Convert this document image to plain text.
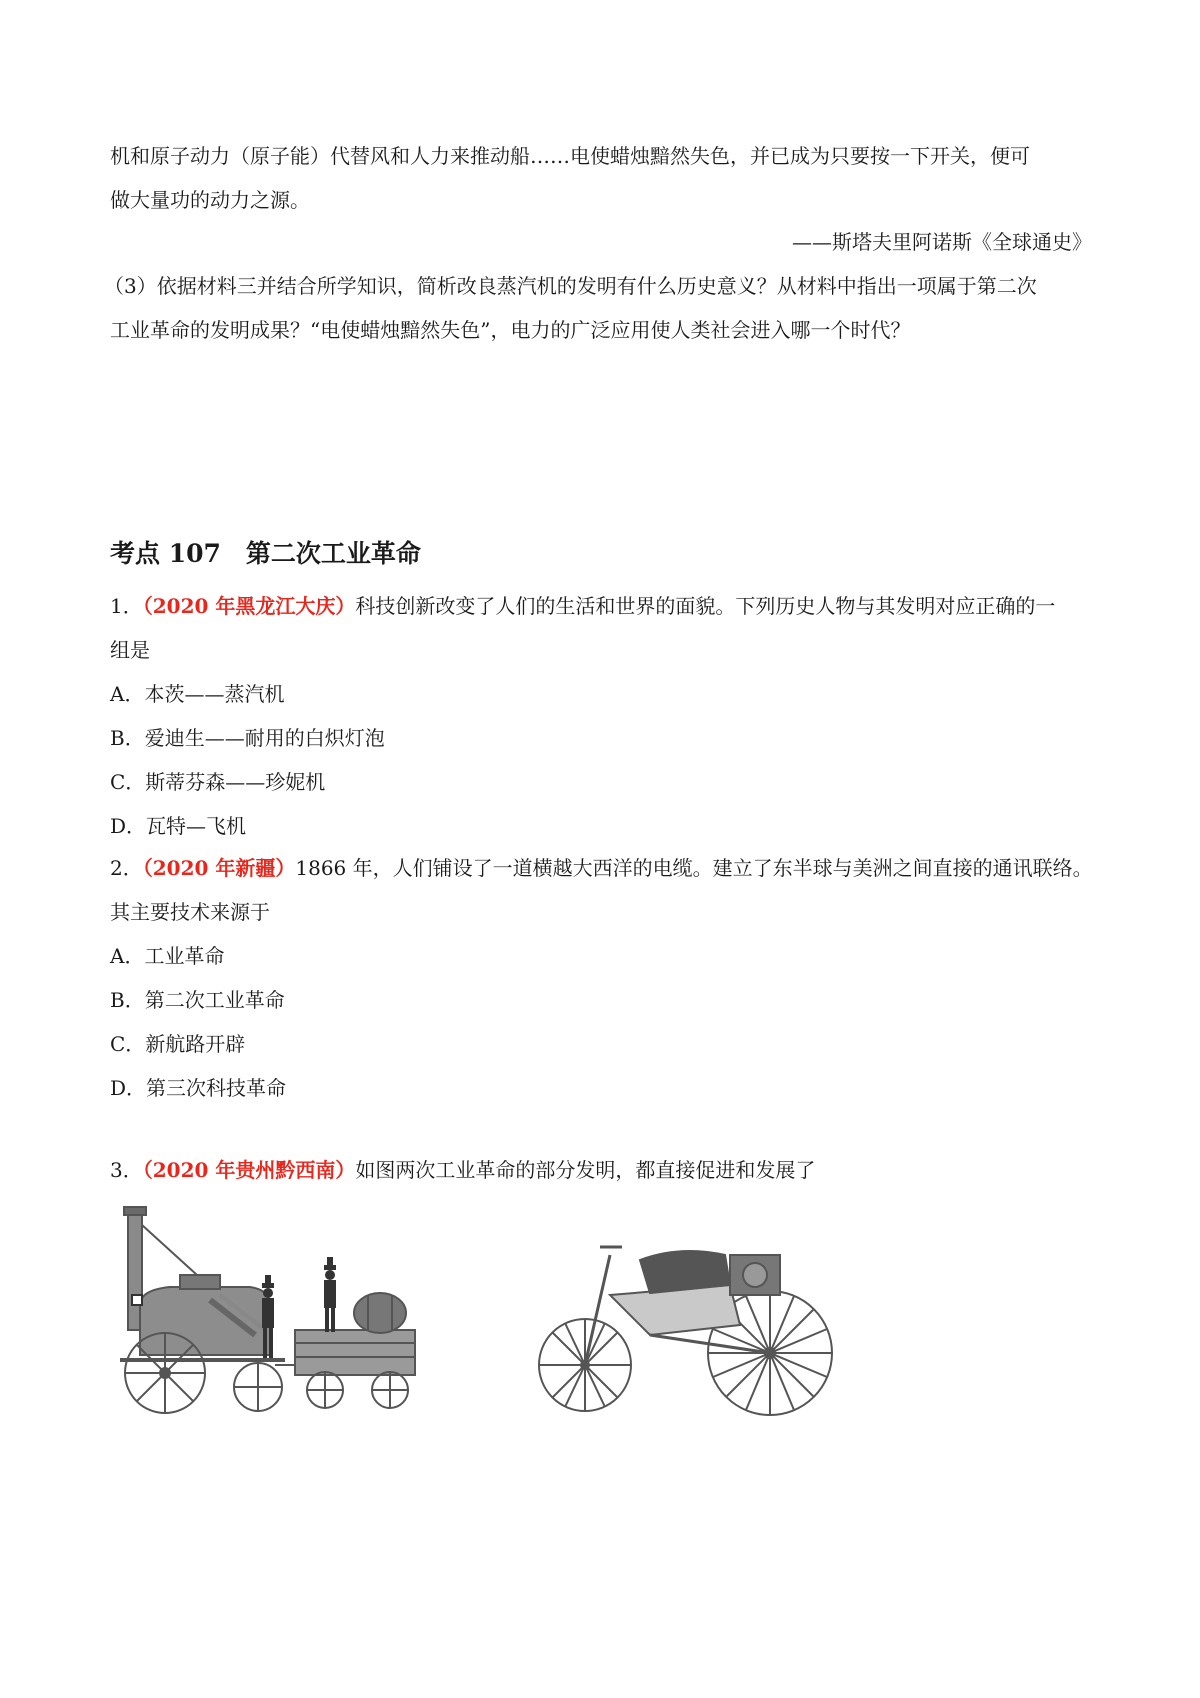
机和原子动力（原子能）代替风和人力来推动船……电使蜡烛黯然失色，并已成为只要按一下开关，便可
做大量功的动力之源。
——斯塔夫里阿诺斯《全球通史》
（3）依据材料三并结合所学知识，简析改良蒸汽机的发明有什么历史意义？从材料中指出一项属于第二次
工业革命的发明成果？“电使蜡烛黯然失色”，电力的广泛应用使人类社会进入哪一个时代？
考点 107　第二次工业革命
1．（2020 年黑龙江大庆）科技创新改变了人们的生活和世界的面貌。下列历史人物与其发明对应正确的一
组是
A．本茨——蒸汽机
B．爱迪生——耐用的白炽灯泡
C．斯蒂芬森——珍妮机
D．瓦特—飞机
2．（2020 年新疆）1866 年，人们铺设了一道横越大西洋的电缆。建立了东半球与美洲之间直接的通讯联络。
其主要技术来源于
A．工业革命
B．第二次工业革命
C．新航路开辟
D．第三次科技革命
3．（2020 年贵州黔西南）如图两次工业革命的部分发明，都直接促进和发展了
